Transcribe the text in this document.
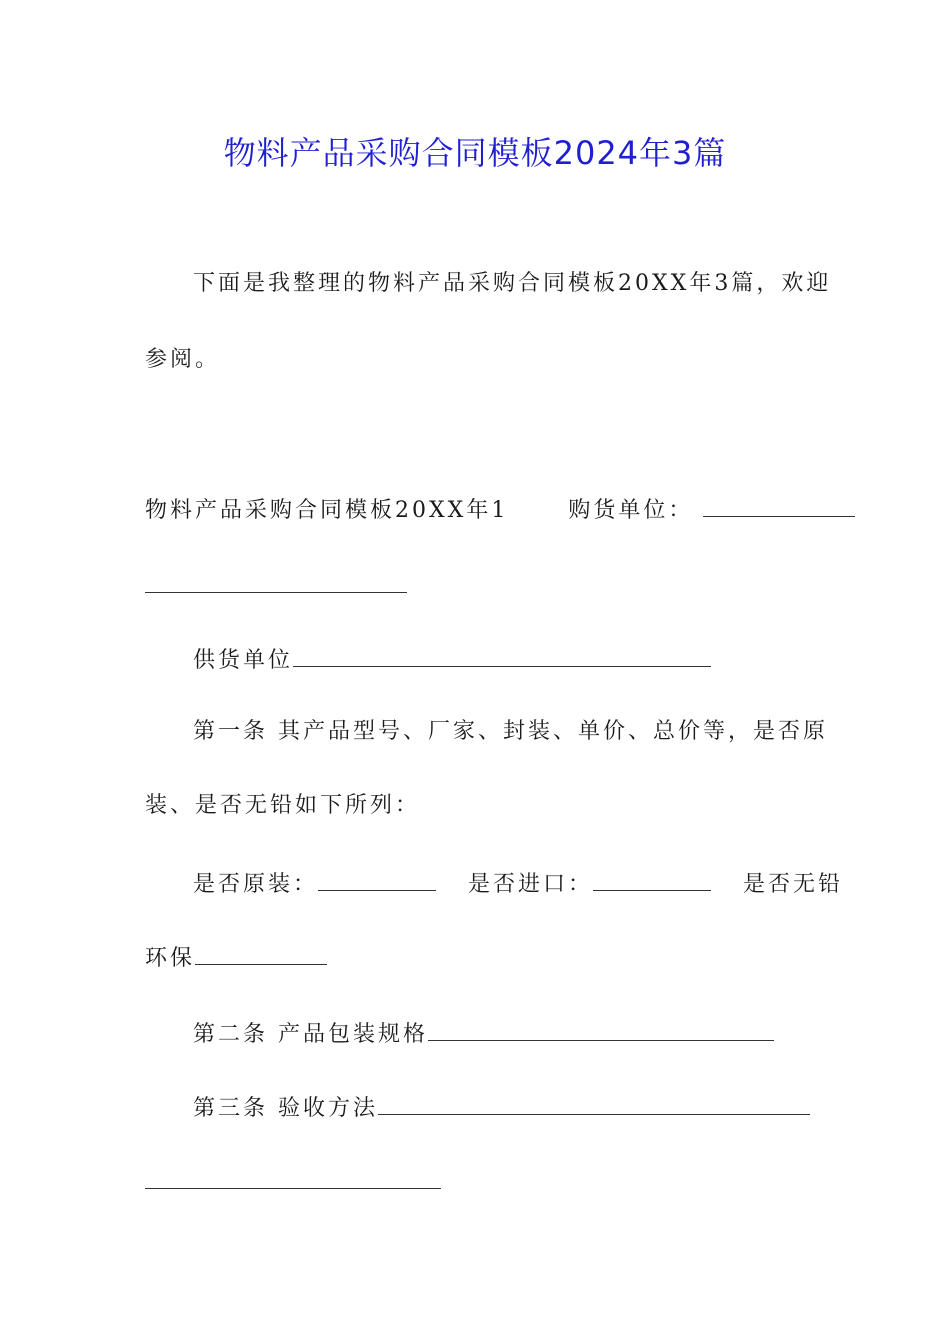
物料产品采购合同模板2024年3篇
下面是我整理的物料产品采购合同模板20XX年3篇，欢迎
参阅。
物料产品采购合同模板20XX年1	购货单位：
供货单位
第一条 其产品型号、厂家、封装、单价、总价等，是否原
装、是否无铅如下所列：
是否原装：	是否进口：	是否无铅
环保
第二条 产品包装规格
第三条 验收方法
